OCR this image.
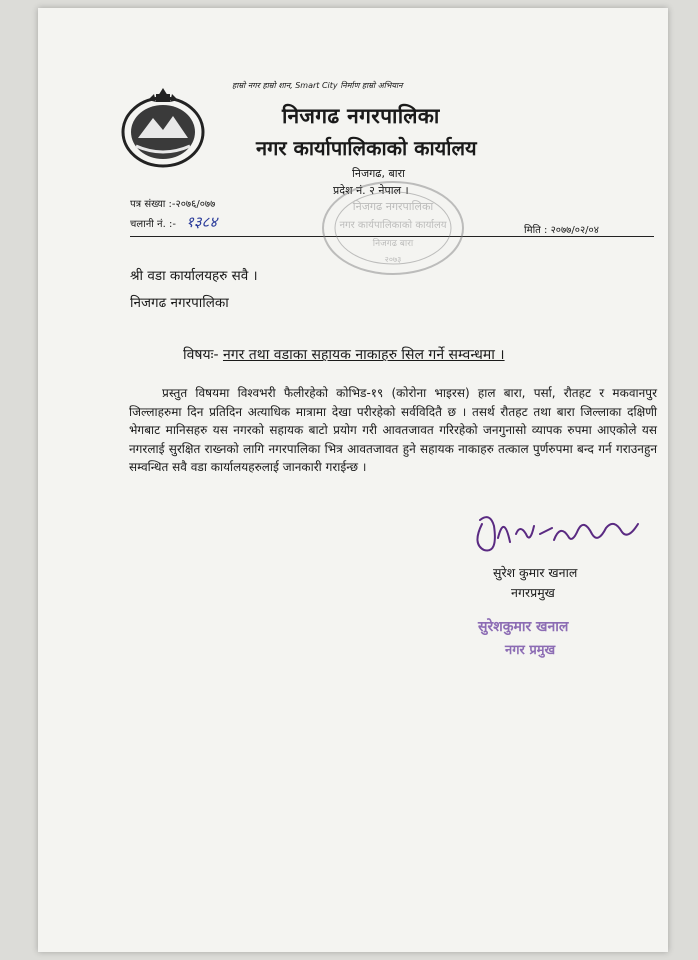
हाम्रो नगर हाम्रो शान, Smart City निर्माण हाम्रो अभियान
निजगढ नगरपालिका
नगर कार्यापालिकाको कार्यालय
निजगढ, बारा
प्रदेश नं. २ नेपाल ।
पत्र संख्या :-२०७६/०७७
चलानी नं. :- १३८४	मिति : २०७७/०२/०४
निजगढ नगरपालिका
नगर कार्यपालिकाको कार्यालय
निजगढ बारा
२०७३
श्री वडा कार्यालयहरु सवै ।
निजगढ नगरपालिका
विषयः- नगर तथा वडाका सहायक नाकाहरु सिल गर्ने सम्वन्धमा ।

प्रस्तुत विषयमा विश्वभरी फैलीरहेको कोभिड-१९ (कोरोना भाइरस) हाल बारा, पर्सा, रौतहट र मकवानपुर जिल्लाहरुमा दिन प्रतिदिन अत्याधिक मात्रामा देखा परीरहेको सर्वविदितै छ । तसर्थ रौतहट तथा बारा जिल्लाका दक्षिणी भेगबाट मानिसहरु यस नगरको सहायक बाटो प्रयोग गरी आवतजावत गरिरहेको जनगुनासो व्यापक रुपमा आएकोले यस नगरलाई सुरक्षित राख्नको लागि नगरपालिका भित्र आवतजावत हुने सहायक नाकाहरु तत्काल पुर्णरुपमा बन्द गर्न गराउनहुन सम्वन्धित सवै वडा कार्यालयहरुलाई जानकारी गराईन्छ ।

सुरेश कुमार खनाल
नगरप्रमुख
सुरेशकुमार खनाल
नगर प्रमुख
